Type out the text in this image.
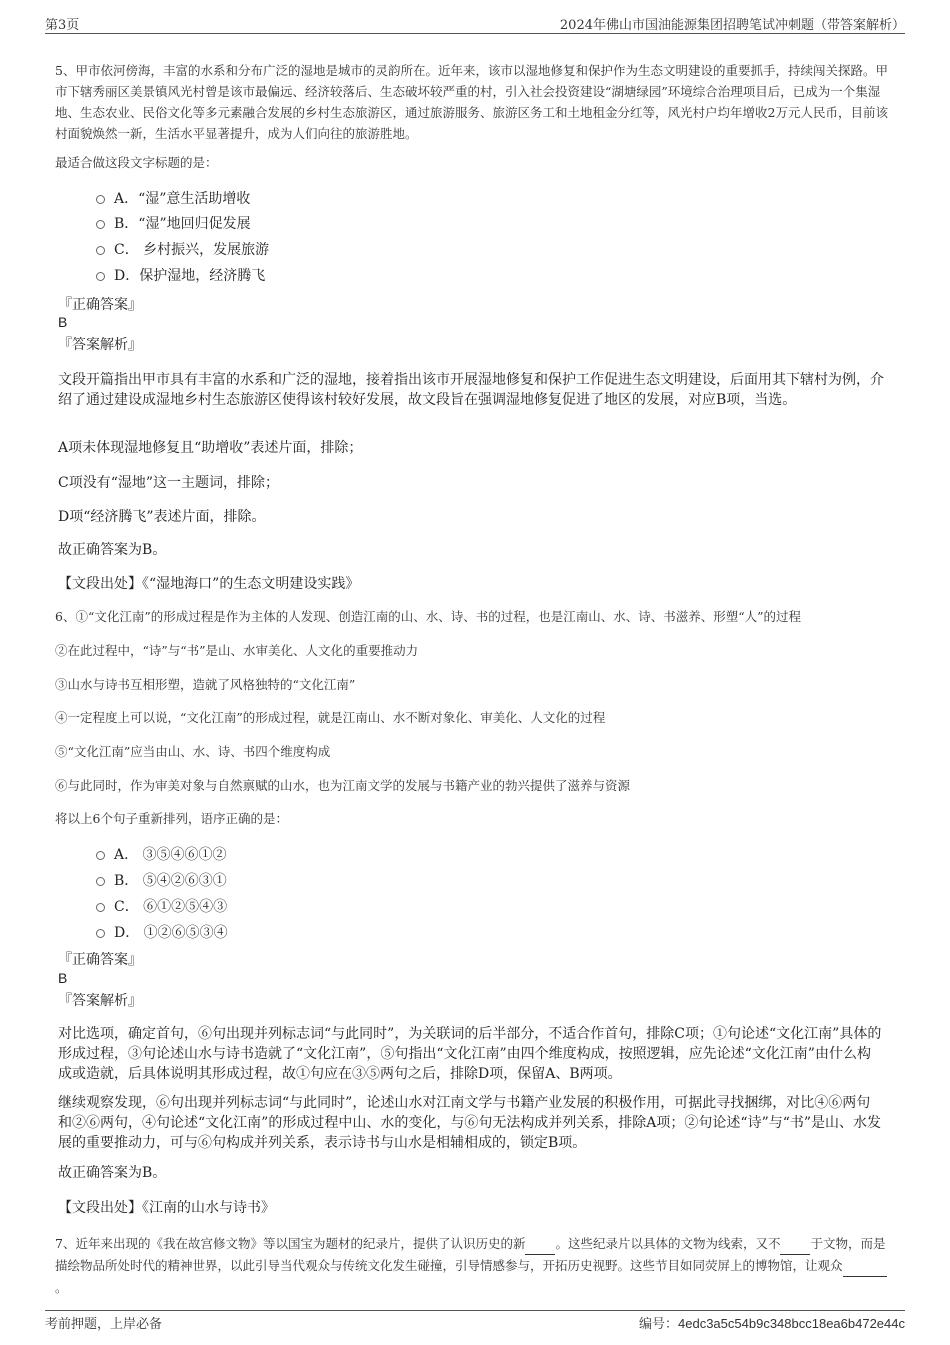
第3页	2024年佛山市国油能源集团招聘笔试冲刺题（带答案解析）
5、甲市依河傍海，丰富的水系和分布广泛的湿地是城市的灵韵所在。近年来，该市以湿地修复和保护作为生态文明建设的重要抓手，持续闯关探路。甲市下辖秀丽区美景镇风光村曾是该市最偏远、经济较落后、生态破坏较严重的村，引入社会投资建设“湖塘绿园”环境综合治理项目后，已成为一个集湿地、生态农业、民俗文化等多元素融合发展的乡村生态旅游区，通过旅游服务、旅游区务工和土地租金分红等，风光村户均年增收2万元人民币，目前该村面貌焕然一新，生活水平显著提升，成为人们向往的旅游胜地。
最适合做这段文字标题的是：
A．“湿”意生活助增收
B．“湿”地回归促发展
C． 乡村振兴，发展旅游
D．保护湿地，经济腾飞
『正确答案』
B
『答案解析』
文段开篇指出甲市具有丰富的水系和广泛的湿地，接着指出该市开展湿地修复和保护工作促进生态文明建设，后面用其下辖村为例，介绍了通过建设成湿地乡村生态旅游区使得该村较好发展，故文段旨在强调湿地修复促进了地区的发展，对应B项，当选。
A项未体现湿地修复且“助增收”表述片面，排除；
C项没有“湿地”这一主题词，排除；
D项“经济腾飞”表述片面，排除。
故正确答案为B。
【文段出处】《“湿地海口”的生态文明建设实践》
6、①“文化江南”的形成过程是作为主体的人发现、创造江南的山、水、诗、书的过程，也是江南山、水、诗、书滋养、形塑“人”的过程
②在此过程中，“诗”与“书”是山、水审美化、人文化的重要推动力
③山水与诗书互相形塑，造就了风格独特的“文化江南”
④一定程度上可以说，“文化江南”的形成过程，就是江南山、水不断对象化、审美化、人文化的过程
⑤“文化江南”应当由山、水、诗、书四个维度构成
⑥与此同时，作为审美对象与自然禀赋的山水，也为江南文学的发展与书籍产业的勃兴提供了滋养与资源
将以上6个句子重新排列，语序正确的是：
A． ③⑤④⑥①②
B． ⑤④②⑥③①
C． ⑥①②⑤④③
D． ①②⑥⑤③④
『正确答案』
B
『答案解析』
对比选项，确定首句，⑥句出现并列标志词“与此同时”，为关联词的后半部分，不适合作首句，排除C项；①句论述“文化江南”具体的形成过程，③句论述山水与诗书造就了“文化江南”，⑤句指出“文化江南”由四个维度构成，按照逻辑，应先论述“文化江南”由什么构成或造就，后具体说明其形成过程，故①句应在③⑤两句之后，排除D项，保留A、B两项。
继续观察发现，⑥句出现并列标志词“与此同时”，论述山水对江南文学与书籍产业发展的积极作用，可据此寻找捆绑，对比④⑥两句和②⑥两句，④句论述“文化江南”的形成过程中山、水的变化，与⑥句无法构成并列关系，排除A项；②句论述“诗”与“书”是山、水发展的重要推动力，可与⑥句构成并列关系，表示诗书与山水是相辅相成的，锁定B项。
故正确答案为B。
【文段出处】《江南的山水与诗书》
7、近年来出现的《我在故宫修文物》等以国宝为题材的纪录片，提供了认识历史的新 。这些纪录片以具体的文物为线索，又不 于文物，而是描绘物品所处时代的精神世界，以此引导当代观众与传统文化发生碰撞，引导情感参与，开拓历史视野。这些节目如同荧屏上的博物馆，让观众 。
考前押题，上岸必备	编号：4edc3a5c54b9c348bcc18ea6b472e44c
